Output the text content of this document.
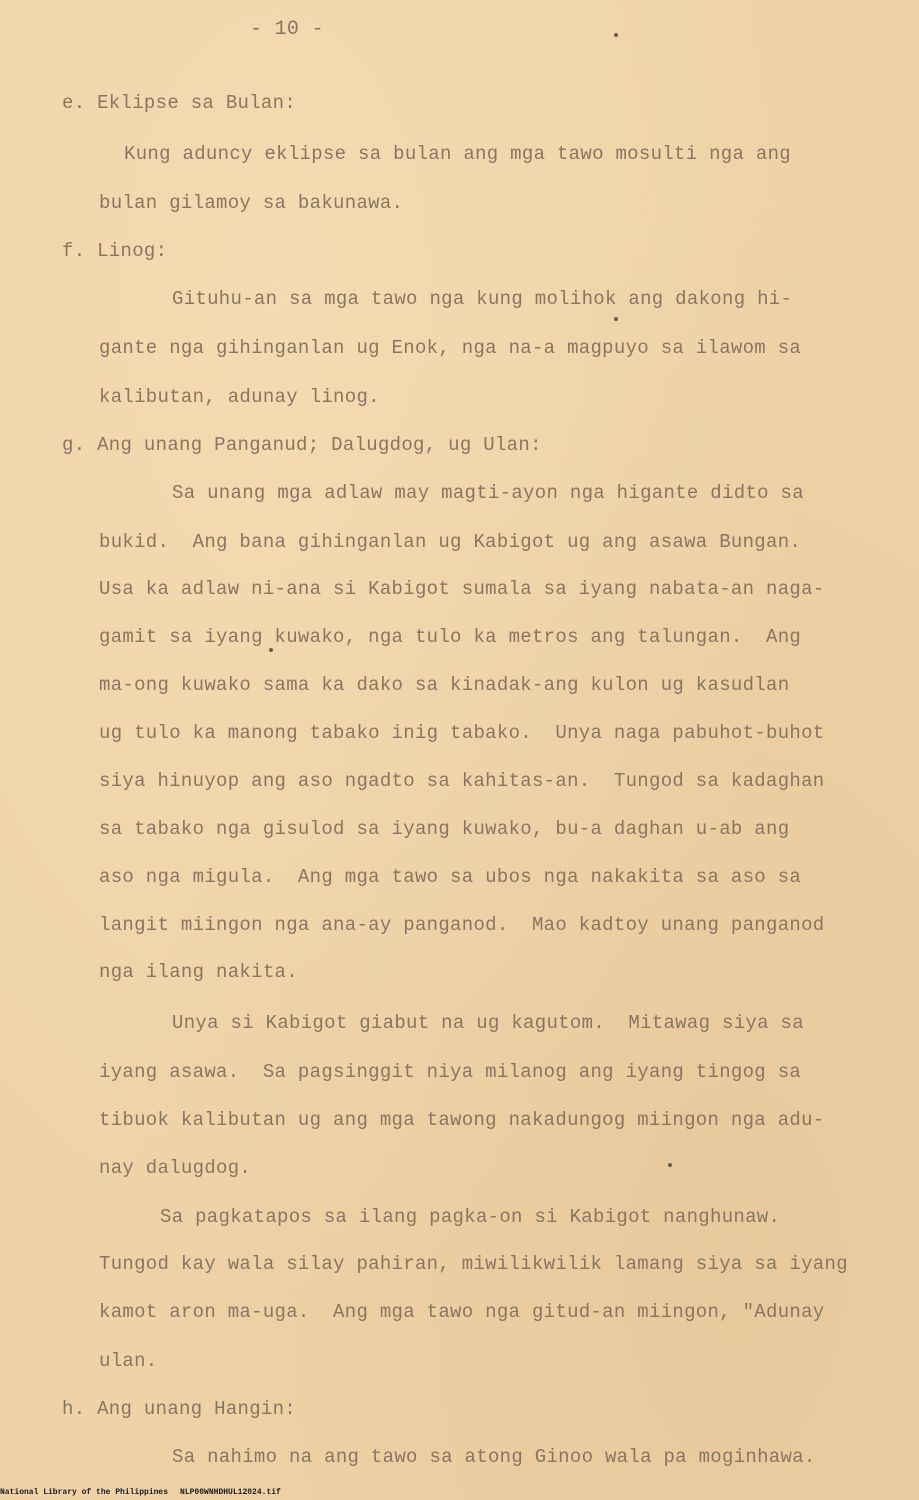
- 10 -
e. Eklipse sa Bulan:
Kung aduncy eklipse sa bulan ang mga tawo mosulti nga ang
bulan gilamoy sa bakunawa.
f. Linog:
Gituhu-an sa mga tawo nga kung molihok ang dakong hi-
gante nga gihinganlan ug Enok, nga na-a magpuyo sa ilawom sa
kalibutan, adunay linog.
g. Ang unang Panganud; Dalugdog, ug Ulan:
Sa unang mga adlaw may magti-ayon nga higante didto sa
bukid.  Ang bana gihinganlan ug Kabigot ug ang asawa Bungan.
Usa ka adlaw ni-ana si Kabigot sumala sa iyang nabata-an naga-
gamit sa iyang kuwako, nga tulo ka metros ang talungan.  Ang
ma-ong kuwako sama ka dako sa kinadak-ang kulon ug kasudlan
ug tulo ka manong tabako inig tabako.  Unya naga pabuhot-buhot
siya hinuyop ang aso ngadto sa kahitas-an.  Tungod sa kadaghan
sa tabako nga gisulod sa iyang kuwako, bu-a daghan u-ab ang
aso nga migula.  Ang mga tawo sa ubos nga nakakita sa aso sa
langit miingon nga ana-ay panganod.  Mao kadtoy unang panganod
nga ilang nakita.
Unya si Kabigot giabut na ug kagutom.  Mitawag siya sa
iyang asawa.  Sa pagsinggit niya milanog ang iyang tingog sa
tibuok kalibutan ug ang mga tawong nakadungog miingon nga adu-
nay dalugdog.
Sa pagkatapos sa ilang pagka-on si Kabigot nanghunaw.
Tungod kay wala silay pahiran, miwilikwilik lamang siya sa iyang
kamot aron ma-uga.  Ang mga tawo nga gitud-an miingon, "Adunay
ulan.
h. Ang unang Hangin:
Sa nahimo na ang tawo sa atong Ginoo wala pa moginhawa.
National Library of the Philippines NLP00WNHDHUL12024.tif
